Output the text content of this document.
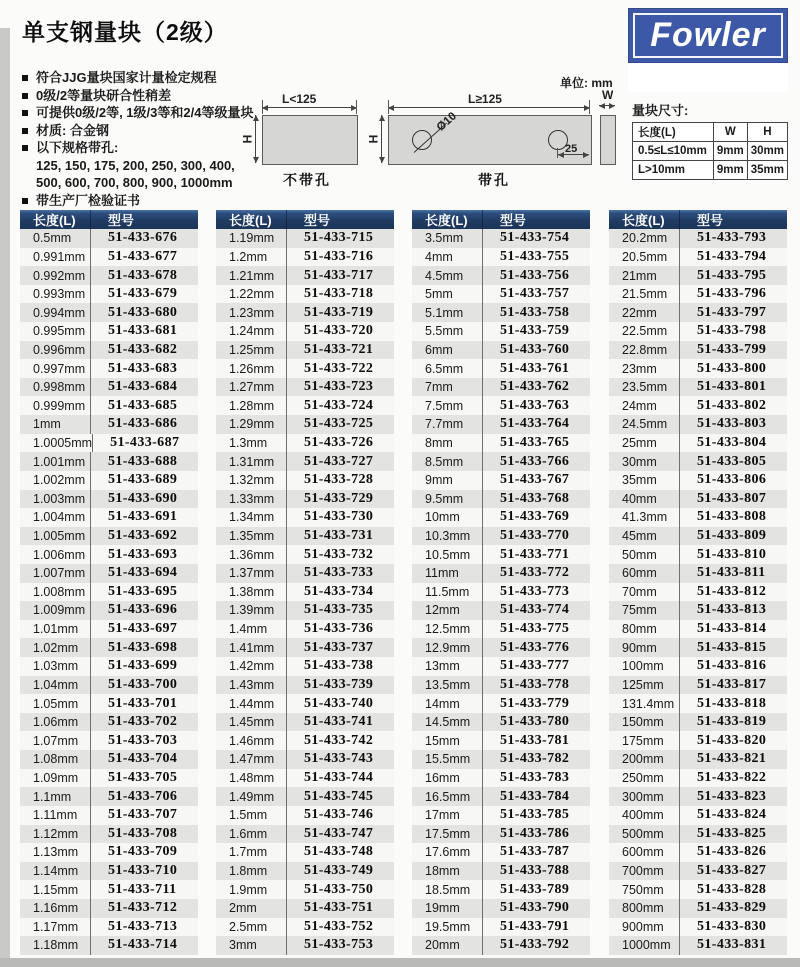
单支钢量块（2级）	Fowler
符合JJG量块国家计量检定规程
0级/2等量块研合性稍差
可提供0级/2等, 1级/3等和2/4等级量块
材质: 合金钢
以下规格带孔:
125, 150, 175, 200, 250, 300, 400,
500, 600, 700, 800, 900, 1000mm
带生产厂检验证书
单位: mm
L<125
H
不带孔
L≥125
H
Ø10
25
带孔
W
量块尺寸:
长度(L)	W	H
0.5≤L≤10mm	9mm	30mm
L>10mm	9mm	35mm
长度(L)	型号
0.5mm	51-433-676
0.991mm	51-433-677
0.992mm	51-433-678
0.993mm	51-433-679
0.994mm	51-433-680
0.995mm	51-433-681
0.996mm	51-433-682
0.997mm	51-433-683
0.998mm	51-433-684
0.999mm	51-433-685
1mm	51-433-686
1.0005mm	51-433-687
1.001mm	51-433-688
1.002mm	51-433-689
1.003mm	51-433-690
1.004mm	51-433-691
1.005mm	51-433-692
1.006mm	51-433-693
1.007mm	51-433-694
1.008mm	51-433-695
1.009mm	51-433-696
1.01mm	51-433-697
1.02mm	51-433-698
1.03mm	51-433-699
1.04mm	51-433-700
1.05mm	51-433-701
1.06mm	51-433-702
1.07mm	51-433-703
1.08mm	51-433-704
1.09mm	51-433-705
1.1mm	51-433-706
1.11mm	51-433-707
1.12mm	51-433-708
1.13mm	51-433-709
1.14mm	51-433-710
1.15mm	51-433-711
1.16mm	51-433-712
1.17mm	51-433-713
1.18mm	51-433-714
长度(L)	型号
1.19mm	51-433-715
1.2mm	51-433-716
1.21mm	51-433-717
1.22mm	51-433-718
1.23mm	51-433-719
1.24mm	51-433-720
1.25mm	51-433-721
1.26mm	51-433-722
1.27mm	51-433-723
1.28mm	51-433-724
1.29mm	51-433-725
1.3mm	51-433-726
1.31mm	51-433-727
1.32mm	51-433-728
1.33mm	51-433-729
1.34mm	51-433-730
1.35mm	51-433-731
1.36mm	51-433-732
1.37mm	51-433-733
1.38mm	51-433-734
1.39mm	51-433-735
1.4mm	51-433-736
1.41mm	51-433-737
1.42mm	51-433-738
1.43mm	51-433-739
1.44mm	51-433-740
1.45mm	51-433-741
1.46mm	51-433-742
1.47mm	51-433-743
1.48mm	51-433-744
1.49mm	51-433-745
1.5mm	51-433-746
1.6mm	51-433-747
1.7mm	51-433-748
1.8mm	51-433-749
1.9mm	51-433-750
2mm	51-433-751
2.5mm	51-433-752
3mm	51-433-753
长度(L)	型号
3.5mm	51-433-754
4mm	51-433-755
4.5mm	51-433-756
5mm	51-433-757
5.1mm	51-433-758
5.5mm	51-433-759
6mm	51-433-760
6.5mm	51-433-761
7mm	51-433-762
7.5mm	51-433-763
7.7mm	51-433-764
8mm	51-433-765
8.5mm	51-433-766
9mm	51-433-767
9.5mm	51-433-768
10mm	51-433-769
10.3mm	51-433-770
10.5mm	51-433-771
11mm	51-433-772
11.5mm	51-433-773
12mm	51-433-774
12.5mm	51-433-775
12.9mm	51-433-776
13mm	51-433-777
13.5mm	51-433-778
14mm	51-433-779
14.5mm	51-433-780
15mm	51-433-781
15.5mm	51-433-782
16mm	51-433-783
16.5mm	51-433-784
17mm	51-433-785
17.5mm	51-433-786
17.6mm	51-433-787
18mm	51-433-788
18.5mm	51-433-789
19mm	51-433-790
19.5mm	51-433-791
20mm	51-433-792
长度(L)	型号
20.2mm	51-433-793
20.5mm	51-433-794
21mm	51-433-795
21.5mm	51-433-796
22mm	51-433-797
22.5mm	51-433-798
22.8mm	51-433-799
23mm	51-433-800
23.5mm	51-433-801
24mm	51-433-802
24.5mm	51-433-803
25mm	51-433-804
30mm	51-433-805
35mm	51-433-806
40mm	51-433-807
41.3mm	51-433-808
45mm	51-433-809
50mm	51-433-810
60mm	51-433-811
70mm	51-433-812
75mm	51-433-813
80mm	51-433-814
90mm	51-433-815
100mm	51-433-816
125mm	51-433-817
131.4mm	51-433-818
150mm	51-433-819
175mm	51-433-820
200mm	51-433-821
250mm	51-433-822
300mm	51-433-823
400mm	51-433-824
500mm	51-433-825
600mm	51-433-826
700mm	51-433-827
750mm	51-433-828
800mm	51-433-829
900mm	51-433-830
1000mm	51-433-831
